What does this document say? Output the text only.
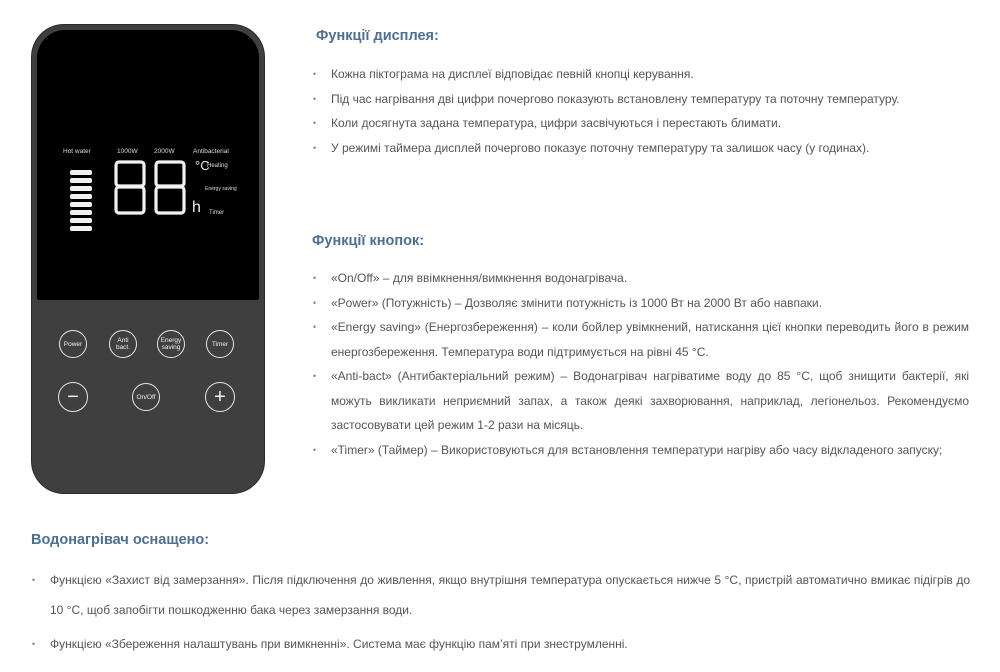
Hot water	1000W	2000W	Antibacterial
°C
h
Heating
Energy saving
Timer
Power	Anti bact.
Energy saving	Timer
−	On/Off	+
Функції дисплея:
• Кожна піктограма на дисплеї відповідає певній кнопці керування.
• Під час нагрівання дві цифри почергово показують встановлену температуру та поточну температуру.
• Коли досягнута задана температура, цифри засвічуються і перестають блимати.
• У режимі таймера дисплей почергово показує поточну температуру та залишок часу (у годинах).
Функції кнопок:
• «On/Off» – для ввімкнення/вимкнення водонагрівача.
• «Power» (Потужність) – Дозволяє змінити потужність із 1000 Вт на 2000 Вт або навпаки.
• «Energy saving» (Енергозбереження) – коли бойлер увімкнений, натискання цієї кнопки переводить його в режим енергозбереження. Температура води підтримується на рівні 45 °C.
• «Anti-bact» (Антибактеріальний режим) – Водонагрівач нагріватиме воду до 85 °C, щоб знищити бактерії, які можуть викликати неприємний запах, а також деякі захворювання, наприклад, легіонельоз. Рекомендуємо застосовувати цей режим 1-2 рази на місяць.
• «Timer» (Таймер) – Використовуються для встановлення температури нагріву або часу відкладеного запуску;
Водонагрівач оснащено:
• Функцією «Захист від замерзання». Після підключення до живлення, якщо внутрішня температура опускається нижче 5 °C, пристрій автоматично вмикає підігрів до 10 °C, щоб запобігти пошкодженню бака через замерзання води.
• Функцією «Збереження налаштувань при вимкненні». Система має функцію пам’яті при знеструмленні.
